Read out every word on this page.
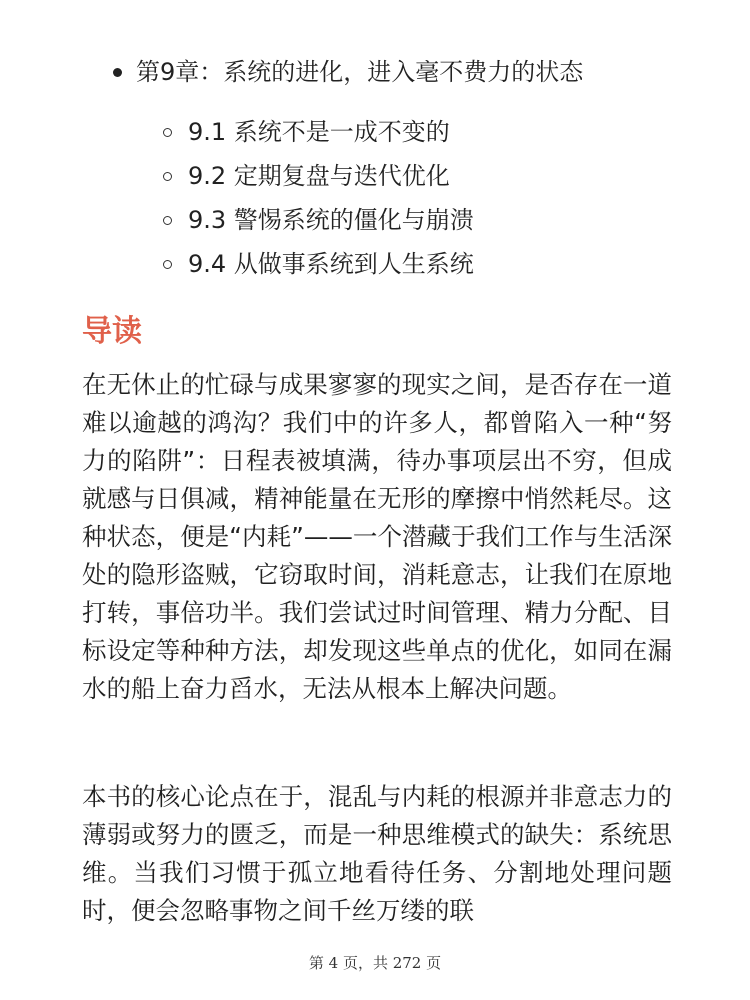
第9章：系统的进化，进入毫不费力的状态
9.1 系统不是一成不变的
9.2 定期复盘与迭代优化
9.3 警惕系统的僵化与崩溃
9.4 从做事系统到人生系统
导读

在无休止的忙碌与成果寥寥的现实之间，是否存在一道难以逾越的鸿沟？我们中的许多人，都曾陷入一种“努力的陷阱”：日程表被填满，待办事项层出不穷，但成就感与日俱减，精神能量在无形的摩擦中悄然耗尽。这种状态，便是“内耗”——一个潜藏于我们工作与生活深处的隐形盗贼，它窃取时间，消耗意志，让我们在原地打转，事倍功半。我们尝试过时间管理、精力分配、目标设定等种种方法，却发现这些单点的优化，如同在漏水的船上奋力舀水，无法从根本上解决问题。

本书的核心论点在于，混乱与内耗的根源并非意志力的薄弱或努力的匮乏，而是一种思维模式的缺失：系统思维。当我们习惯于孤立地看待任务、分割地处理问题时，便会忽略事物之间千丝万缕的联

第 4 页，共 272 页
